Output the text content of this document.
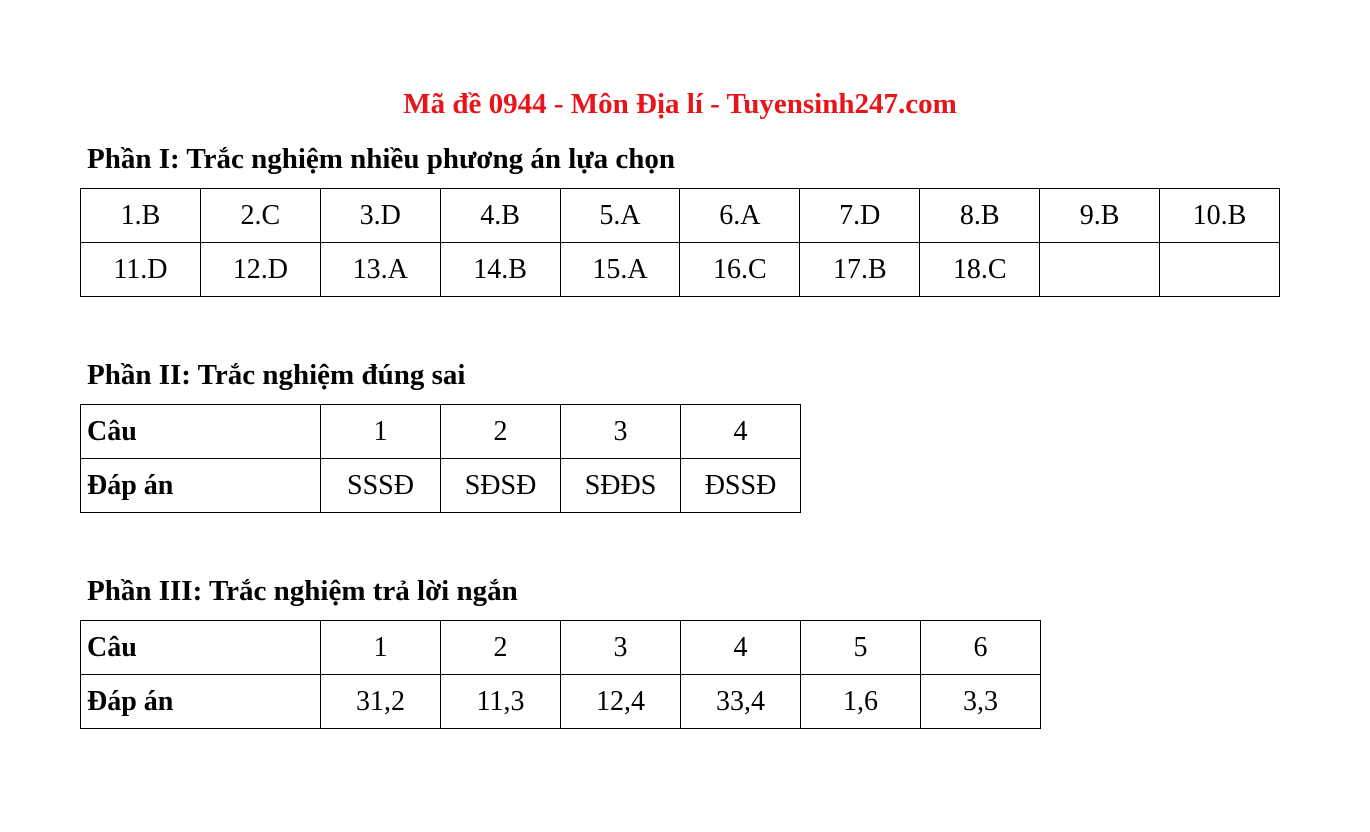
Mã đề 0944 - Môn Địa lí - Tuyensinh247.com
Phần I: Trắc nghiệm nhiều phương án lựa chọn
1.B	2.C	3.D	4.B	5.A	6.A	7.D	8.B	9.B	10.B
11.D	12.D	13.A	14.B	15.A	16.C	17.B	18.C		
Phần II: Trắc nghiệm đúng sai
Câu	1	2	3	4
Đáp án	SSSĐ	SĐSĐ	SĐĐS	ĐSSĐ
Phần III: Trắc nghiệm trả lời ngắn
Câu	1	2	3	4	5	6
Đáp án	31,2	11,3	12,4	33,4	1,6	3,3
